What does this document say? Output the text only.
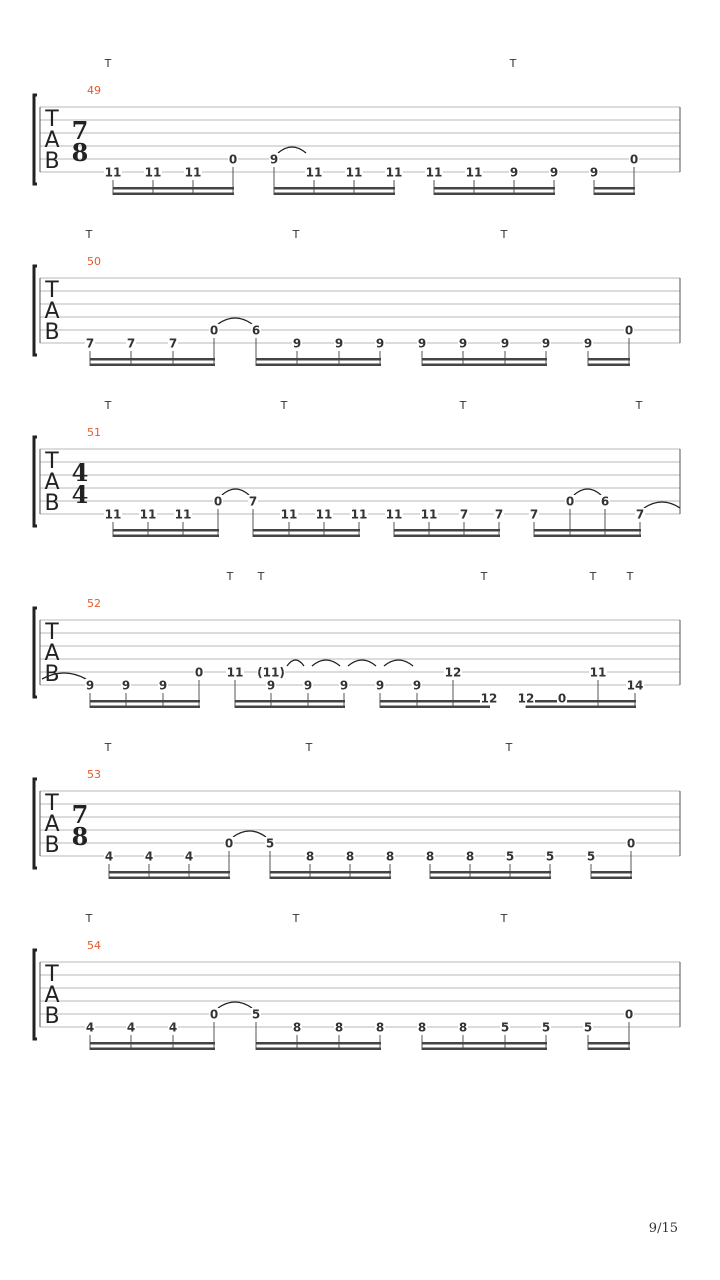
T
A
B
49
7
8
T	T
11 11 11
0	9
11 11 11 11 11 9	9	9
0
T
A
B
50
T	T	T
7	7	7
0	6
9	9	9	9	9	9	9	9
0
T
A
B
51
4
4
T	T	T	T
11 11 11
0 7
11 11 11 11 11 7 7 7
0 6
7
T
A
B
52
T T	T	T	T
9 9 9
0 11
9 9 9 9 9
12
12 12 0
11
14
(11)
T
A
B
53
7
8
T	T	T
4	4	4
0	5
8	8	8	8	8	5	5	5
0
T
A
B
54
T	T	T
4	4	4
0	5
8	8	8	8	8	5	5	5
0
9/15
